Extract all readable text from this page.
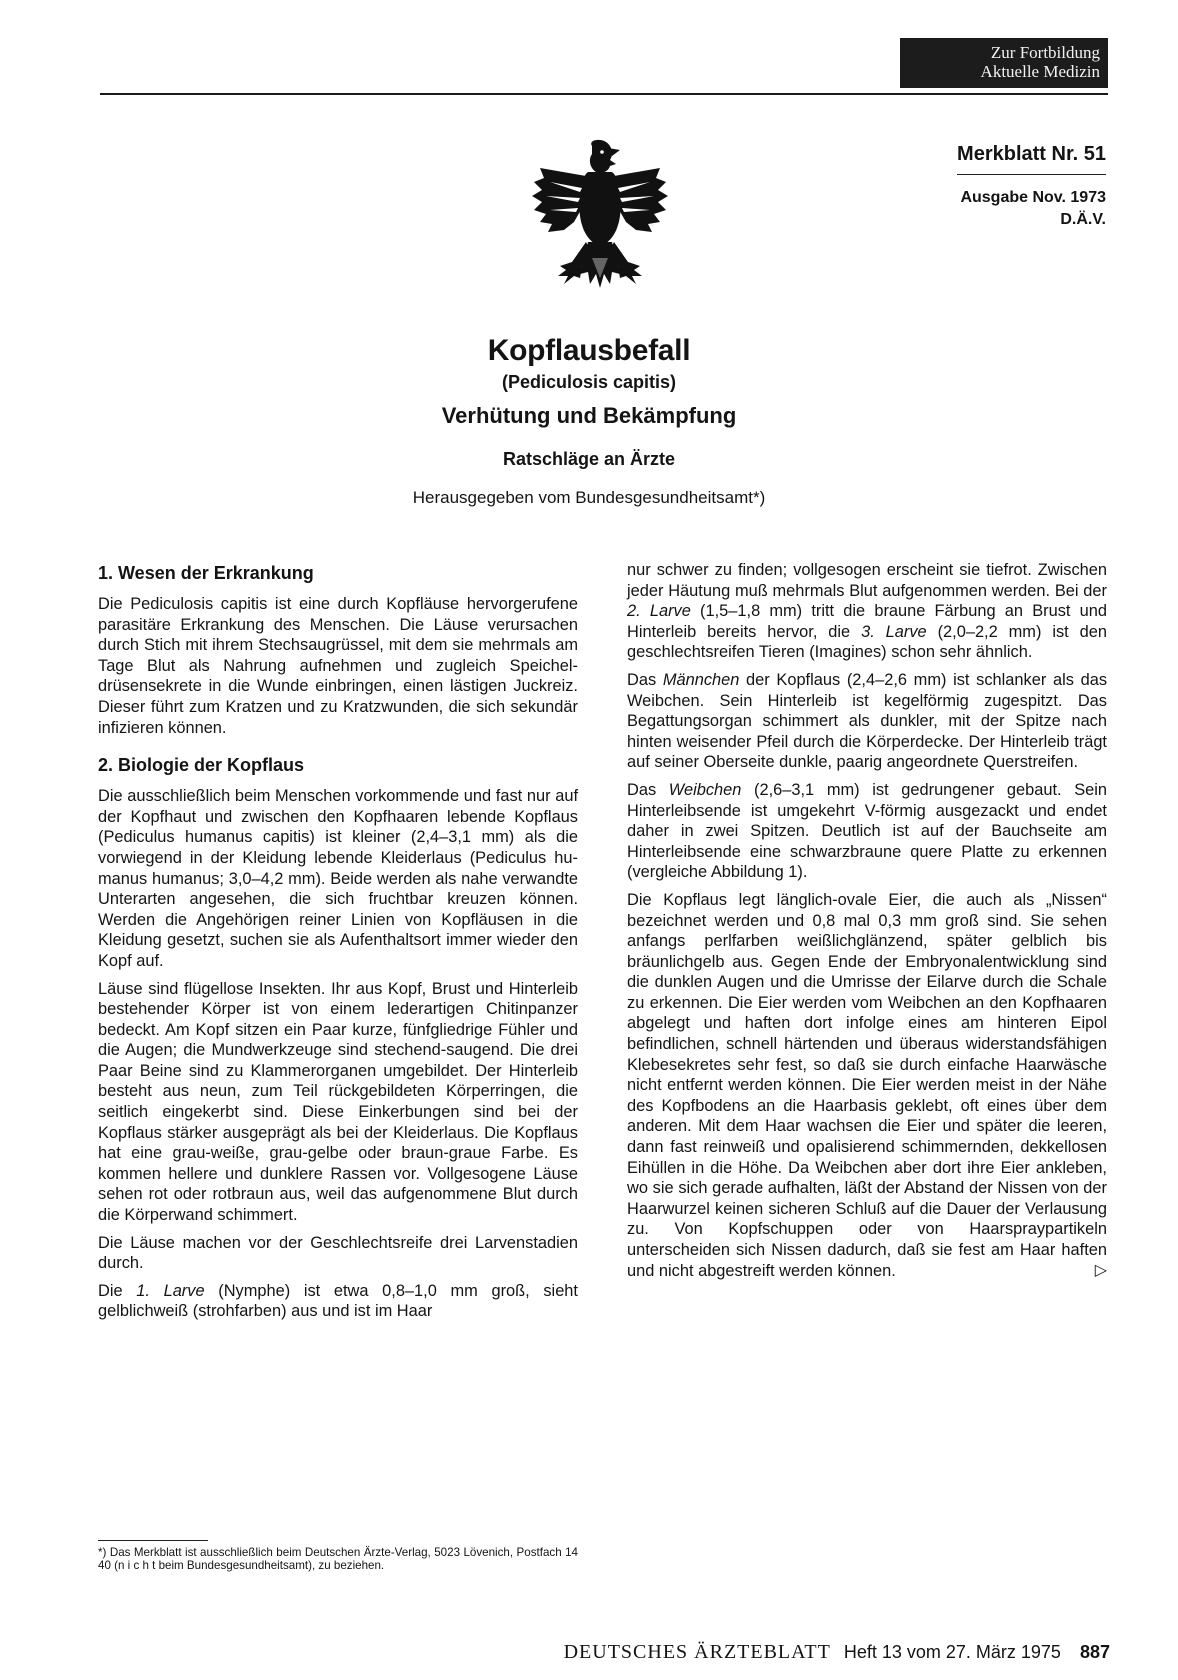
Zur Fortbildung
Aktuelle Medizin
Merkblatt Nr. 51
Ausgabe Nov. 1973
D.Ä.V.
Kopflausbefall
(Pediculosis capitis)
Verhütung und Bekämpfung
Ratschläge an Ärzte
Herausgegeben vom Bundesgesundheitsamt*)
1. Wesen der Erkrankung

Die Pediculosis capitis ist eine durch Kopfläuse hervorgerufene parasitäre Erkrankung des Menschen. Die Läuse verursachen durch Stich mit ihrem Stechsaugrüssel, mit dem sie mehrmals am Tage Blut als Nahrung aufnehmen und zugleich Speicheldrüsensekrete in die Wunde einbringen, einen lästigen Juckreiz. Dieser führt zum Kratzen und zu Kratzwunden, die sich sekundär infizieren können.

2. Biologie der Kopflaus

Die ausschließlich beim Menschen vorkommende und fast nur auf der Kopfhaut und zwischen den Kopfhaaren lebende Kopflaus (Pediculus humanus capitis) ist kleiner (2,4–3,1 mm) als die vorwiegend in der Kleidung lebende Kleiderlaus (Pediculus humanus humanus; 3,0–4,2 mm). Beide werden als nahe verwandte Unterarten angesehen, die sich fruchtbar kreuzen können. Werden die Angehörigen reiner Linien von Kopfläusen in die Kleidung gesetzt, suchen sie als Aufenthaltsort immer wieder den Kopf auf.

Läuse sind flügellose Insekten. Ihr aus Kopf, Brust und Hinterleib bestehender Körper ist von einem lederartigen Chitinpanzer bedeckt. Am Kopf sitzen ein Paar kurze, fünfgliedrige Fühler und die Augen; die Mundwerkzeuge sind stechend-saugend. Die drei Paar Beine sind zu Klammerorganen umgebildet. Der Hinterleib besteht aus neun, zum Teil rückgebildeten Körperringen, die seitlich eingekerbt sind. Diese Einkerbungen sind bei der Kopflaus stärker ausgeprägt als bei der Kleiderlaus. Die Kopflaus hat eine grau-weiße, grau-gelbe oder braun-graue Farbe. Es kommen hellere und dunklere Rassen vor. Vollgesogene Läuse sehen rot oder rotbraun aus, weil das aufgenommene Blut durch die Körperwand schimmert.

Die Läuse machen vor der Geschlechtsreife drei Larvenstadien durch.

Die 1. Larve (Nymphe) ist etwa 0,8–1,0 mm groß, sieht gelblichweiß (strohfarben) aus und ist im Haar

nur schwer zu finden; vollgesogen erscheint sie tiefrot. Zwischen jeder Häutung muß mehrmals Blut aufgenommen werden. Bei der 2. Larve (1,5–1,8 mm) tritt die braune Färbung an Brust und Hinterleib bereits hervor, die 3. Larve (2,0–2,2 mm) ist den geschlechtsreifen Tieren (Imagines) schon sehr ähnlich.

Das Männchen der Kopflaus (2,4–2,6 mm) ist schlanker als das Weibchen. Sein Hinterleib ist kegelförmig zugespitzt. Das Begattungsorgan schimmert als dunkler, mit der Spitze nach hinten weisender Pfeil durch die Körperdecke. Der Hinterleib trägt auf seiner Oberseite dunkle, paarig angeordnete Querstreifen.

Das Weibchen (2,6–3,1 mm) ist gedrungener gebaut. Sein Hinterleibsende ist umgekehrt V-förmig ausgezackt und endet daher in zwei Spitzen. Deutlich ist auf der Bauchseite am Hinterleibsende eine schwarzbraune quere Platte zu erkennen (vergleiche Abbildung 1).

Die Kopflaus legt länglich-ovale Eier, die auch als „Nissen“ bezeichnet werden und 0,8 mal 0,3 mm groß sind. Sie sehen anfangs perlfarben weißlichglänzend, später gelblich bis bräunlichgelb aus. Gegen Ende der Embryonalentwicklung sind die dunklen Augen und die Umrisse der Eilarve durch die Schale zu erkennen. Die Eier werden vom Weibchen an den Kopfhaaren abgelegt und haften dort infolge eines am hinteren Eipol befindlichen, schnell härtenden und überaus widerstandsfähigen Klebesekretes sehr fest, so daß sie durch einfache Haarwäsche nicht entfernt werden können. Die Eier werden meist in der Nähe des Kopfbodens an die Haarbasis geklebt, oft eines über dem anderen. Mit dem Haar wachsen die Eier und später die leeren, dann fast reinweiß und opalisierend schimmernden, dekkellosen Eihüllen in die Höhe. Da Weibchen aber dort ihre Eier ankleben, wo sie sich gerade aufhalten, läßt der Abstand der Nissen von der Haarwurzel keinen sicheren Schluß auf die Dauer der Verlausung zu. Von Kopfschuppen oder von Haarspraypartikeln unterscheiden sich Nissen dadurch, daß sie fest am Haar haften und nicht abgestreift werden können.	▷

*) Das Merkblatt ist ausschließlich beim Deutschen Ärzte-Verlag, 5023 Lövenich, Postfach 14 40 (n i c h t beim Bundesgesundheitsamt), zu beziehen.
DEUTSCHES ÄRZTEBLATT Heft 13 vom 27. März 1975 887
